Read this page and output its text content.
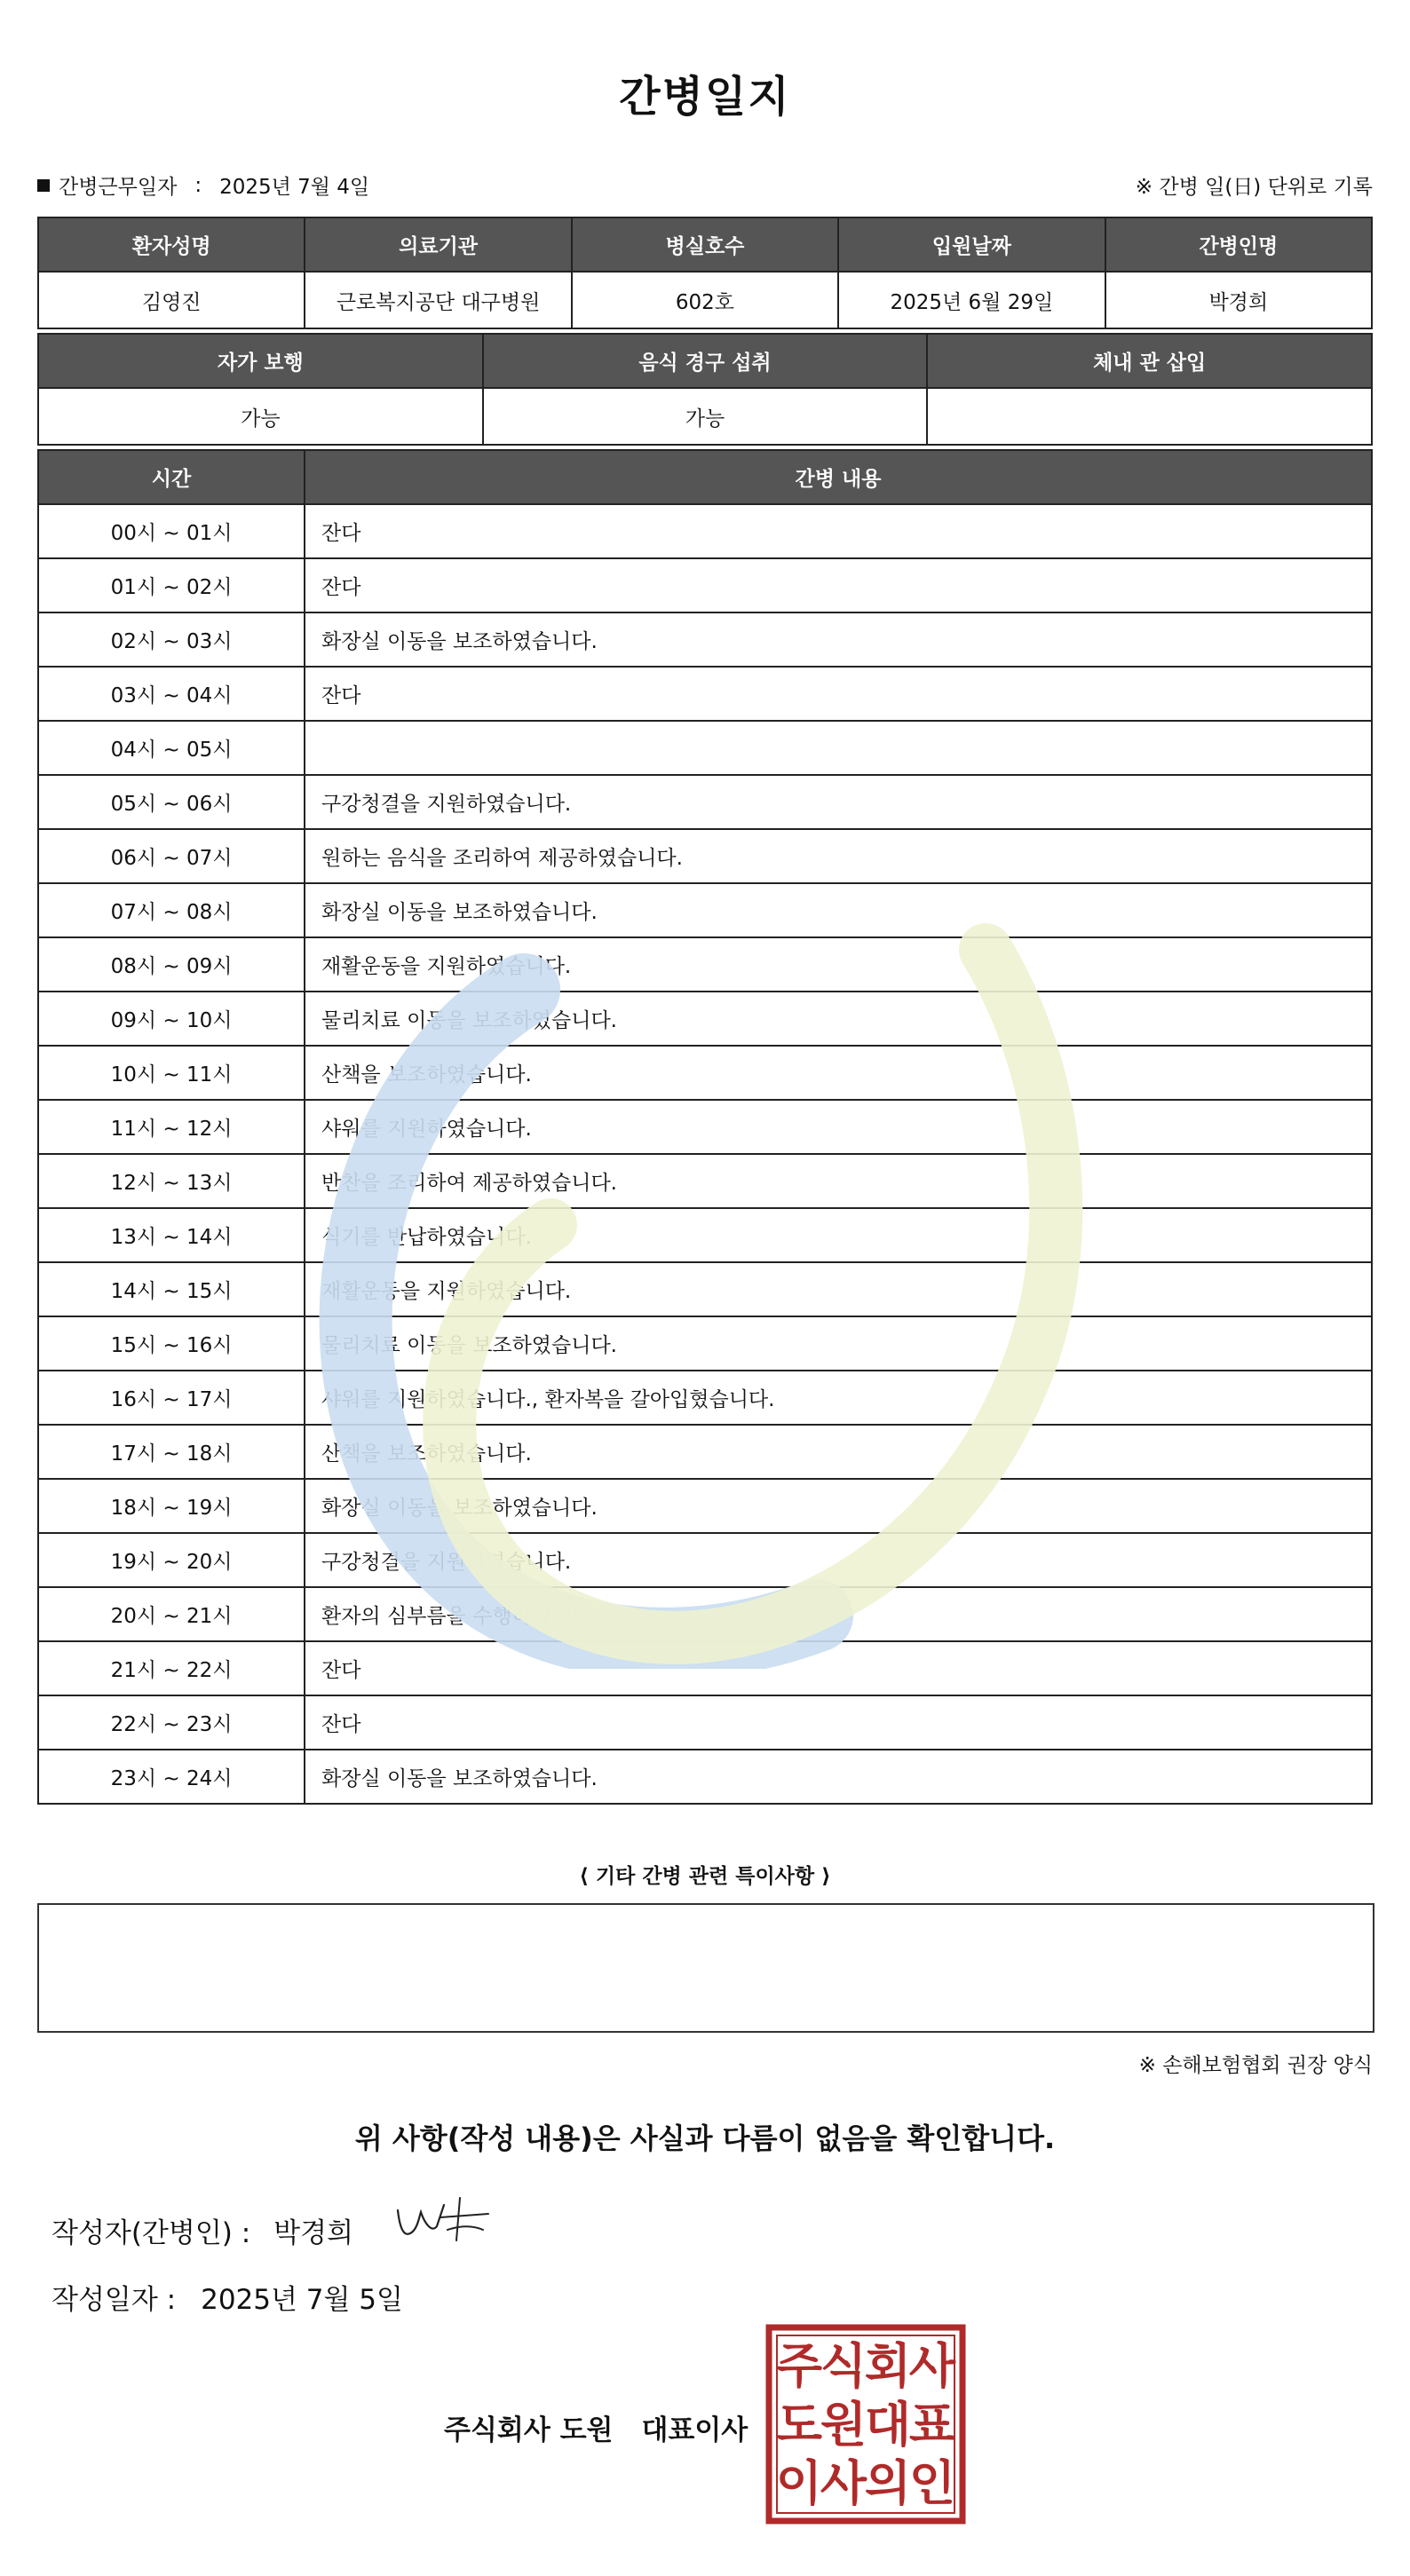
간병일지
간병근무일자 : 2025년 7월 4일	※ 간병 일(日) 단위로 기록
환자성명	의료기관	병실호수	입원날짜	간병인명
김영진	근로복지공단 대구병원	602호	2025년 6월 29일	박경희
자가 보행	음식 경구 섭취	체내 관 삽입
가능	가능	
시간	간병 내용
00시 ~ 01시	잔다
01시 ~ 02시	잔다
02시 ~ 03시	화장실 이동을 보조하였습니다.
03시 ~ 04시	잔다
04시 ~ 05시	
05시 ~ 06시	구강청결을 지원하였습니다.
06시 ~ 07시	원하는 음식을 조리하여 제공하였습니다.
07시 ~ 08시	화장실 이동을 보조하였습니다.
08시 ~ 09시	재활운동을 지원하였습니다.
09시 ~ 10시	물리치료 이동을 보조하였습니다.
10시 ~ 11시	산책을 보조하였습니다.
11시 ~ 12시	샤워를 지원하였습니다.
12시 ~ 13시	반찬을 조리하여 제공하였습니다.
13시 ~ 14시	식기를 반납하였습니다.
14시 ~ 15시	재활운동을 지원하였습니다.
15시 ~ 16시	물리치료 이동을 보조하였습니다.
16시 ~ 17시	샤워를 지원하였습니다., 환자복을 갈아입혔습니다.
17시 ~ 18시	산책을 보조하였습니다.
18시 ~ 19시	화장실 이동을 보조하였습니다.
19시 ~ 20시	구강청결을 지원하였습니다.
20시 ~ 21시	환자의 심부름을 수행하였습니다.
21시 ~ 22시	잔다
22시 ~ 23시	잔다
23시 ~ 24시	화장실 이동을 보조하였습니다.
⟨ 기타 간병 관련 특이사항 ⟩
※ 손해보험협회 권장 양식
위 사항(작성 내용)은 사실과 다름이 없음을 확인합니다.
작성자(간병인) : 박경희
작성일자 : 2025년 7월 5일
주식회사 도원 대표이사
주
식
회
사
도
원
대
표
이
사
의
인
